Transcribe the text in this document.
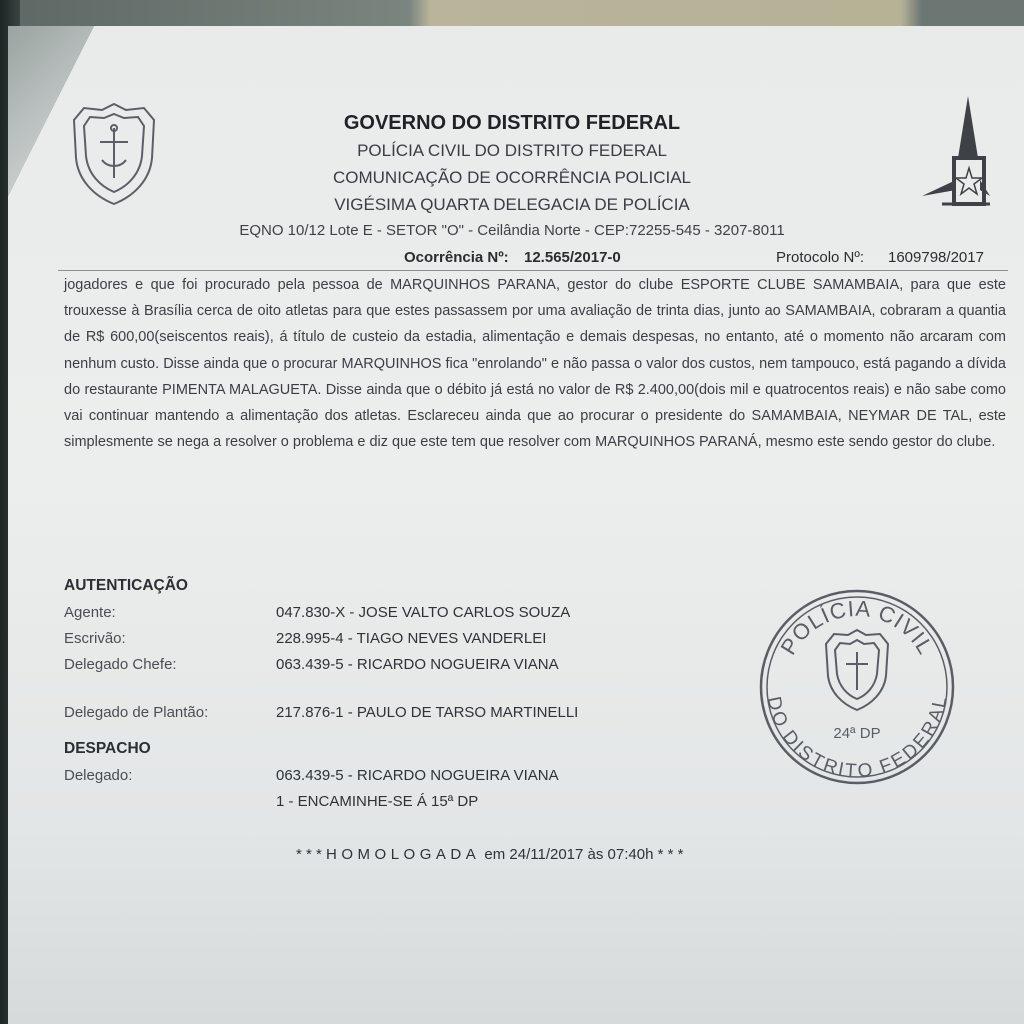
GOVERNO DO DISTRITO FEDERAL
POLÍCIA CIVIL DO DISTRITO FEDERAL
COMUNICAÇÃO DE OCORRÊNCIA POLICIAL
VIGÉSIMA QUARTA DELEGACIA DE POLÍCIA
EQNO 10/12 Lote E - SETOR "O" - Ceilândia Norte - CEP:72255-545 - 3207-8011
Ocorrência Nº: 12.565/2017-0	Protocolo Nº: 1609798/2017
jogadores e que foi procurado pela pessoa de MARQUINHOS PARANA, gestor do clube ESPORTE CLUBE SAMAMBAIA, para que este trouxesse à Brasília cerca de oito atletas para que estes passassem por uma avaliação de trinta dias, junto ao SAMAMBAIA, cobraram a quantia de R$ 600,00(seiscentos reais), á título de custeio da estadia, alimentação e demais despesas, no entanto, até o momento não arcaram com nenhum custo. Disse ainda que o procurar MARQUINHOS fica "enrolando" e não passa o valor dos custos, nem tampouco, está pagando a dívida do restaurante PIMENTA MALAGUETA. Disse ainda que o débito já está no valor de R$ 2.400,00(dois mil e quatrocentos reais) e não sabe como vai continuar mantendo a alimentação dos atletas. Esclareceu ainda que ao procurar o presidente do SAMAMBAIA, NEYMAR DE TAL, este simplesmente se nega a resolver o problema e diz que este tem que resolver com MARQUINHOS PARANÁ, mesmo este sendo gestor do clube.
AUTENTICAÇÃO
Agente:	047.830-X - JOSE VALTO CARLOS SOUZA
Escrivão:	228.995-4 - TIAGO NEVES VANDERLEI
Delegado Chefe:	063.439-5 - RICARDO NOGUEIRA VIANA
Delegado de Plantão:	217.876-1 - PAULO DE TARSO MARTINELLI
DESPACHO
Delegado:	063.439-5 - RICARDO NOGUEIRA VIANA
1 - ENCAMINHE-SE Á 15ª DP
* * * HOMOLOGADA em 24/11/2017 às 07:40h * * *
POLÍCIA CIVIL
DO DISTRITO FEDERAL
24ª DP
